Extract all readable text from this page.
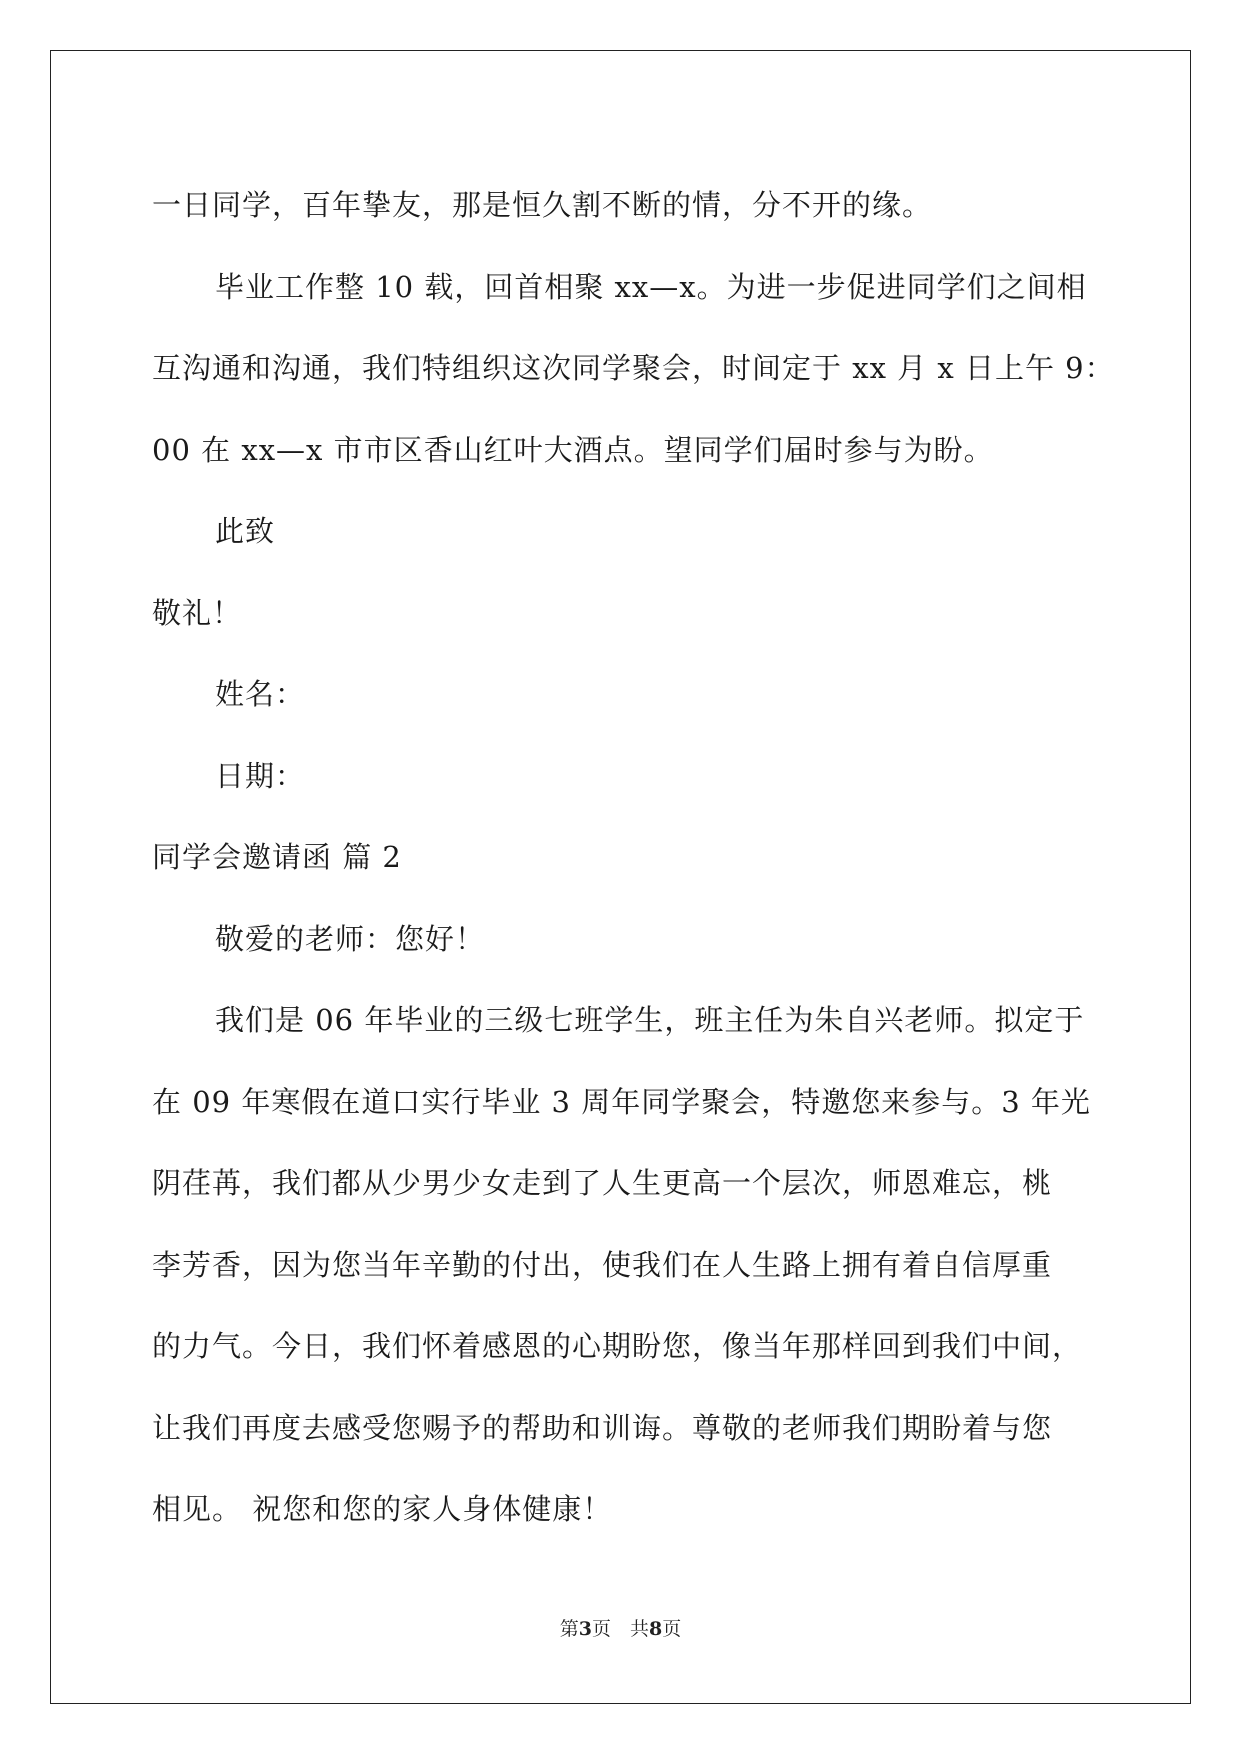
一日同学，百年挚友，那是恒久割不断的情，分不开的缘。
毕业工作整 10 载，回首相聚 xx—x。为进一步促进同学们之间相
互沟通和沟通，我们特组织这次同学聚会，时间定于 xx 月 x 日上午 9：
00 在 xx—x 市市区香山红叶大酒点。望同学们届时参与为盼。
此致
敬礼！
姓名：
日期：
同学会邀请函 篇 2
敬爱的老师：您好！
我们是 06 年毕业的三级七班学生，班主任为朱自兴老师。拟定于
在 09 年寒假在道口实行毕业 3 周年同学聚会，特邀您来参与。3 年光
阴荏苒，我们都从少男少女走到了人生更高一个层次，师恩难忘，桃
李芳香，因为您当年辛勤的付出，使我们在人生路上拥有着自信厚重
的力气。今日，我们怀着感恩的心期盼您，像当年那样回到我们中间，
让我们再度去感受您赐予的帮助和训诲。尊敬的老师我们期盼着与您
相见。 祝您和您的家人身体健康！
第3页　共8页
